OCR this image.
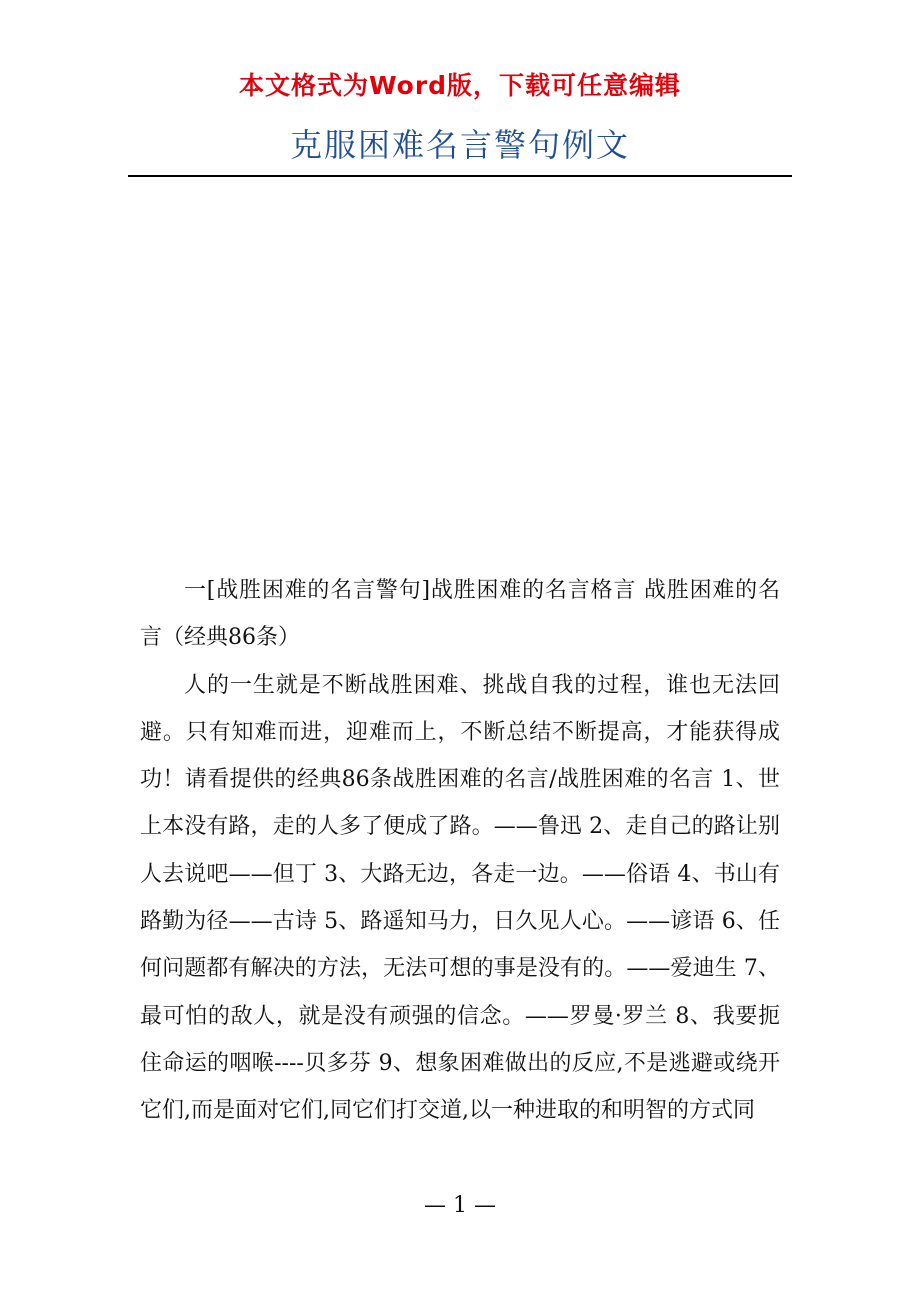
本文格式为Word版，下载可任意编辑
克服困难名言警句例文

一[战胜困难的名言警句]战胜困难的名言格言 战胜困难的名言（经典86条）

人的一生就是不断战胜困难、挑战自我的过程，谁也无法回避。只有知难而进，迎难而上，不断总结不断提高，才能获得成功！请看提供的经典86条战胜困难的名言/战胜困难的名言 1、世上本没有路，走的人多了便成了路。——鲁迅 2、走自己的路让别人去说吧——但丁 3、大路无边，各走一边。——俗语 4、书山有路勤为径——古诗 5、路遥知马力，日久见人心。——谚语 6、任何问题都有解决的方法，无法可想的事是没有的。——爱迪生 7、最可怕的敌人，就是没有顽强的信念。——罗曼·罗兰 8、我要扼住命运的咽喉----贝多芬 9、想象困难做出的反应,不是逃避或绕开它们,而是面对它们,同它们打交道,以一种进取的和明智的方式同

— 1 —
